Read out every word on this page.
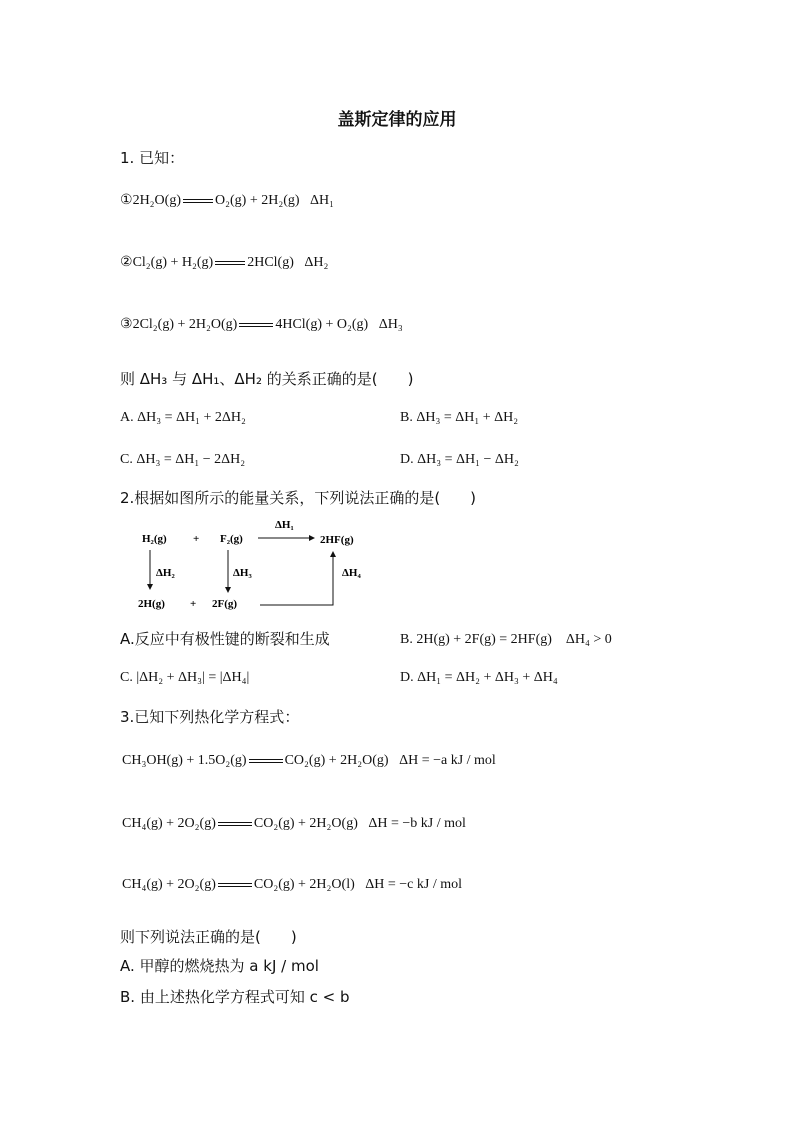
盖斯定律的应用
1. 已知：
①2H₂O(g) O₂(g) + 2H₂(g) ΔH₁
②Cl₂(g) + H₂(g) 2HCl(g) ΔH₂
③2Cl₂(g) + 2H₂O(g)	4HCl(g) + O₂(g) ΔH₃
则 ΔH₃ 与 ΔH₁、ΔH₂ 的关系正确的是(　　)
A. ΔH₃ = ΔH₁ + 2ΔH₂	B. ΔH₃ = ΔH₁ + ΔH₂
C. ΔH₃ = ΔH₁ − 2ΔH₂	D. ΔH₃ = ΔH₁ − ΔH₂
2.根据如图所示的能量关系，下列说法正确的是(　　)
H₂(g) + F₂(g)
ΔH₁
2HF(g)
ΔH₂	ΔH₃	ΔH₄
2H(g) + 2F(g)
A.反应中有极性键的断裂和生成	B. 2H(g) + 2F(g) = 2HF(g)　ΔH₄ > 0
C. |ΔH₂ + ΔH₃| = |ΔH₄|	D. ΔH₁ = ΔH₂ + ΔH₃ + ΔH₄
3.已知下列热化学方程式：
CH₃OH(g) + 1.5O₂(g)	CO₂(g) + 2H₂O(g) ΔH = −a kJ / mol
CH₄(g) + 2O₂(g)	CO₂(g) + 2H₂O(g) ΔH = −b kJ / mol
CH₄(g) + 2O₂(g)	CO₂(g) + 2H₂O(l) ΔH = −c kJ / mol
则下列说法正确的是(　　)
A. 甲醇的燃烧热为 a kJ / mol
B. 由上述热化学方程式可知 c < b
